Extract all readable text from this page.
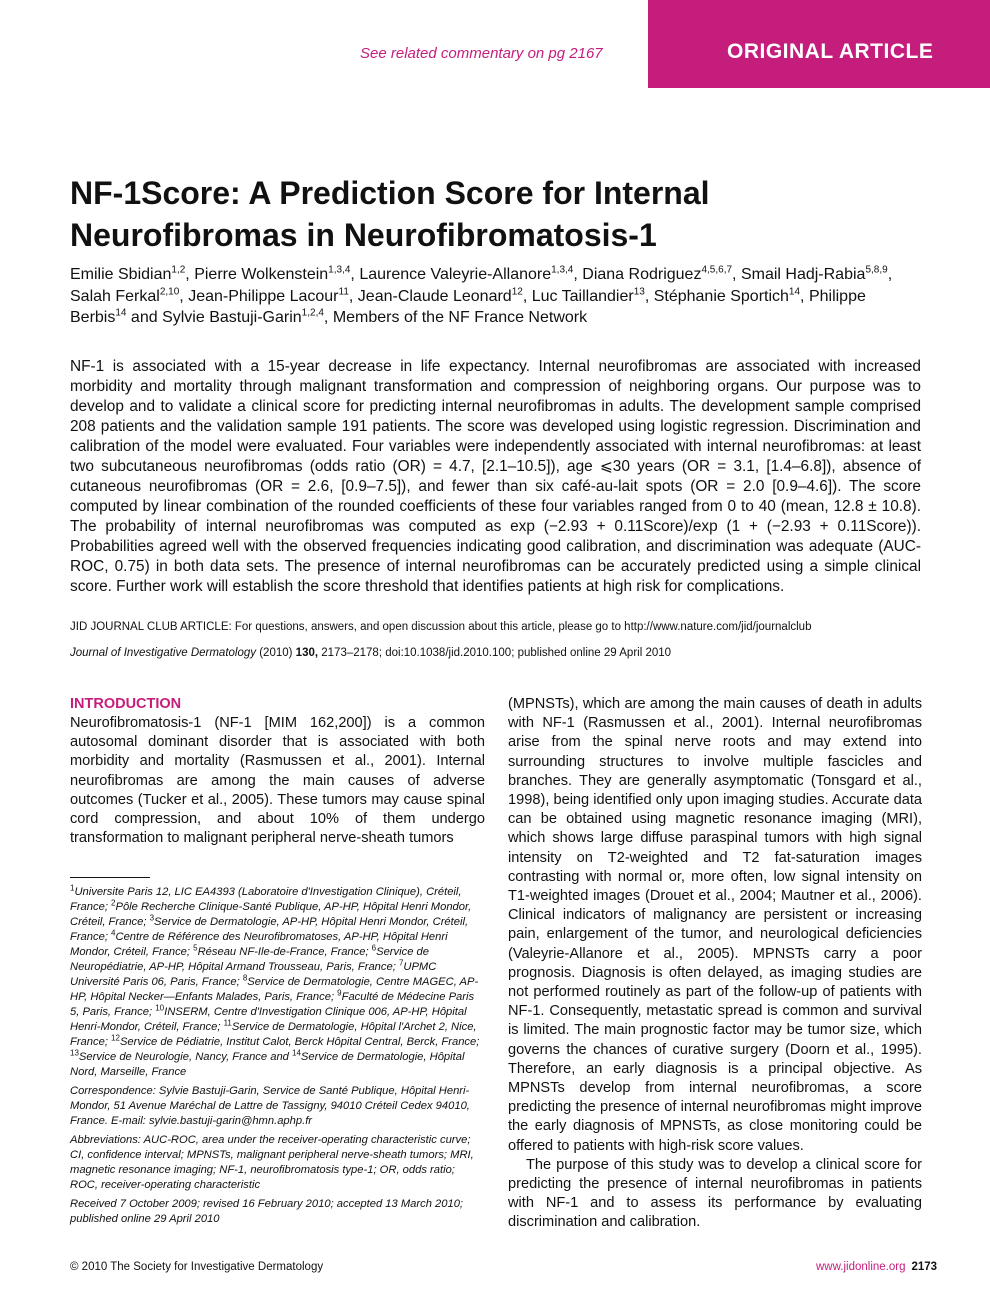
See related commentary on pg 2167	ORIGINAL ARTICLE
NF-1Score: A Prediction Score for Internal Neurofibromas in Neurofibromatosis-1
Emilie Sbidian$^{1,2}$, Pierre Wolkenstein$^{1,3,4}$, Laurence Valeyrie-Allanore$^{1,3,4}$, Diana Rodriguez$^{4,5,6,7}$, Smail Hadj-Rabia$^{5,8,9}$, Salah Ferkal$^{2,10}$, Jean-Philippe Lacour$^{11}$, Jean-Claude Leonard$^{12}$, Luc Taillandier$^{13}$, Stéphanie Sportich$^{14}$, Philippe Berbis$^{14}$ and Sylvie Bastuji-Garin$^{1,2,4}$, Members of the NF France Network
NF-1 is associated with a 15-year decrease in life expectancy. Internal neurofibromas are associated with increased morbidity and mortality through malignant transformation and compression of neighboring organs. Our purpose was to develop and to validate a clinical score for predicting internal neurofibromas in adults. The development sample comprised 208 patients and the validation sample 191 patients. The score was developed using logistic regression. Discrimination and calibration of the model were evaluated. Four variables were independently associated with internal neurofibromas: at least two subcutaneous neurofibromas (odds ratio (OR) = 4.7, [2.1–10.5]), age ⩽30 years (OR = 3.1, [1.4–6.8]), absence of cutaneous neurofibromas (OR = 2.6, [0.9–7.5]), and fewer than six café-au-lait spots (OR = 2.0 [0.9–4.6]). The score computed by linear combination of the rounded coefficients of these four variables ranged from 0 to 40 (mean, 12.8 ± 10.8). The probability of internal neurofibromas was computed as exp (−2.93 + 0.11Score)/exp (1 + (−2.93 + 0.11Score)). Probabilities agreed well with the observed frequencies indicating good calibration, and discrimination was adequate (AUC-ROC, 0.75) in both data sets. The presence of internal neurofibromas can be accurately predicted using a simple clinical score. Further work will establish the score threshold that identifies patients at high risk for complications.
JID JOURNAL CLUB ARTICLE: For questions, answers, and open discussion about this article, please go to http://www.nature.com/jid/journalclub
Journal of Investigative Dermatology (2010) 130, 2173–2178; doi:10.1038/jid.2010.100; published online 29 April 2010
INTRODUCTION
Neurofibromatosis-1 (NF-1 [MIM 162,200]) is a common autosomal dominant disorder that is associated with both morbidity and mortality (Rasmussen et al., 2001). Internal neurofibromas are among the main causes of adverse outcomes (Tucker et al., 2005). These tumors may cause spinal cord compression, and about 10% of them undergo transformation to malignant peripheral nerve-sheath tumors
$^1$Universite Paris 12, LIC EA4393 (Laboratoire d'Investigation Clinique), Créteil, France; $^2$Pôle Recherche Clinique-Santé Publique, AP-HP, Hôpital Henri Mondor, Créteil, France; $^3$Service de Dermatologie, AP-HP, Hôpital Henri Mondor, Créteil, France; $^4$Centre de Référence des Neurofibromatoses, AP-HP, Hôpital Henri Mondor, Créteil, France; $^5$Réseau NF-Ile-de-France, France; $^6$Service de Neuropédiatrie, AP-HP, Hôpital Armand Trousseau, Paris, France; $^7$UPMC Université Paris 06, Paris, France; $^8$Service de Dermatologie, Centre MAGEC, AP-HP, Hôpital Necker—Enfants Malades, Paris, France; $^9$Faculté de Médecine Paris 5, Paris, France; $^{10}$INSERM, Centre d'Investigation Clinique 006, AP-HP, Hôpital Henri-Mondor, Créteil, France; $^{11}$Service de Dermatologie, Hôpital l'Archet 2, Nice, France; $^{12}$Service de Pédiatrie, Institut Calot, Berck Hôpital Central, Berck, France; $^{13}$Service de Neurologie, Nancy, France and $^{14}$Service de Dermatologie, Hôpital Nord, Marseille, France
Correspondence: Sylvie Bastuji-Garin, Service de Santé Publique, Hôpital Henri-Mondor, 51 Avenue Maréchal de Lattre de Tassigny, 94010 Créteil Cedex 94010, France. E-mail: sylvie.bastuji-garin@hmn.aphp.fr
Abbreviations: AUC-ROC, area under the receiver-operating characteristic curve; CI, confidence interval; MPNSTs, malignant peripheral nerve-sheath tumors; MRI, magnetic resonance imaging; NF-1, neurofibromatosis type-1; OR, odds ratio; ROC, receiver-operating characteristic
Received 7 October 2009; revised 16 February 2010; accepted 13 March 2010; published online 29 April 2010
(MPNSTs), which are among the main causes of death in adults with NF-1 (Rasmussen et al., 2001). Internal neurofibromas arise from the spinal nerve roots and may extend into surrounding structures to involve multiple fascicles and branches. They are generally asymptomatic (Tonsgard et al., 1998), being identified only upon imaging studies. Accurate data can be obtained using magnetic resonance imaging (MRI), which shows large diffuse paraspinal tumors with high signal intensity on T2-weighted and T2 fat-saturation images contrasting with normal or, more often, low signal intensity on T1-weighted images (Drouet et al., 2004; Mautner et al., 2006). Clinical indicators of malignancy are persistent or increasing pain, enlargement of the tumor, and neurological deficiencies (Valeyrie-Allanore et al., 2005). MPNSTs carry a poor prognosis. Diagnosis is often delayed, as imaging studies are not performed routinely as part of the follow-up of patients with NF-1. Consequently, metastatic spread is common and survival is limited. The main prognostic factor may be tumor size, which governs the chances of curative surgery (Doorn et al., 1995). Therefore, an early diagnosis is a principal objective. As MPNSTs develop from internal neurofibromas, a score predicting the presence of internal neurofibromas might improve the early diagnosis of MPNSTs, as close monitoring could be offered to patients with high-risk score values.
The purpose of this study was to develop a clinical score for predicting the presence of internal neurofibromas in patients with NF-1 and to assess its performance by evaluating discrimination and calibration.
© 2010 The Society for Investigative Dermatology	www.jidonline.org 2173
